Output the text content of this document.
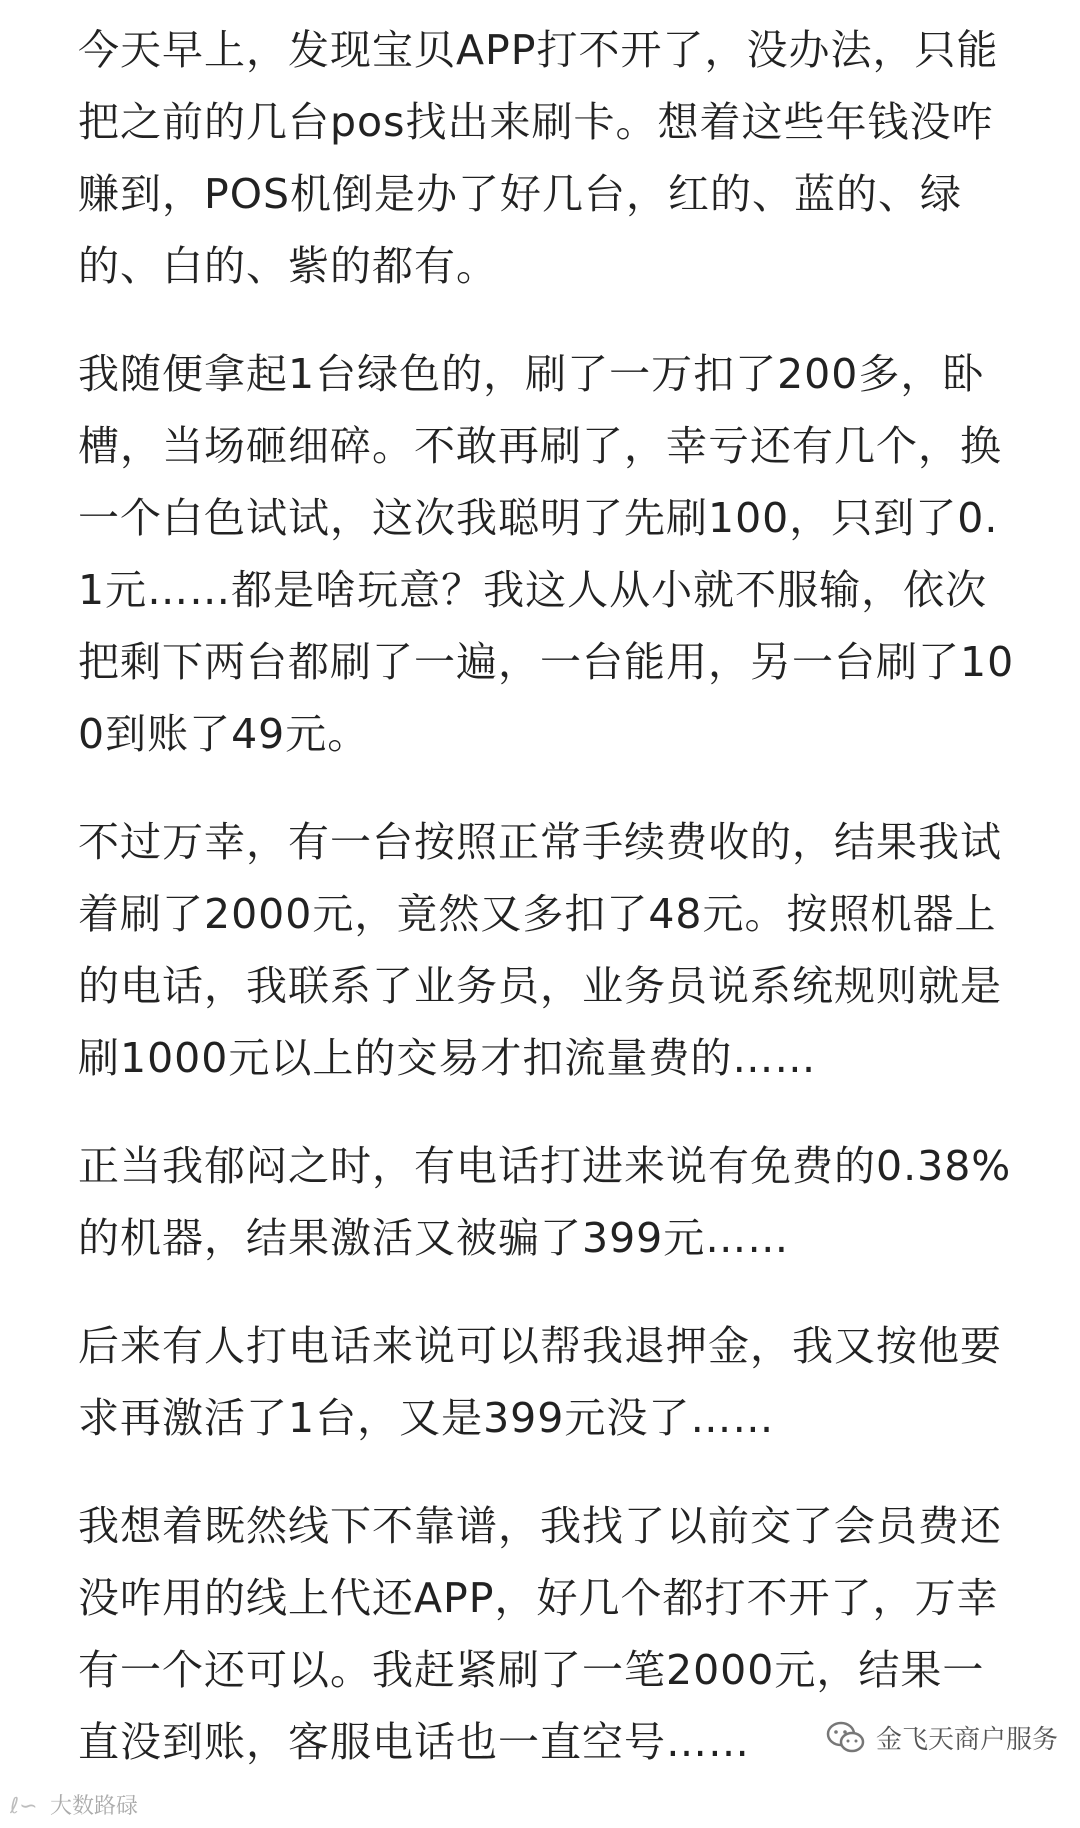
今天早上，发现宝贝APP打不开了，没办法，只能把之前的几台pos找出来刷卡。想着这些年钱没咋赚到，POS机倒是办了好几台，红的、蓝的、绿的、白的、紫的都有。

我随便拿起1台绿色的，刷了一万扣了200多，卧槽，当场砸细碎。不敢再刷了，幸亏还有几个，换一个白色试试，这次我聪明了先刷100，只到了0.1元……都是啥玩意？我这人从小就不服输，依次把剩下两台都刷了一遍，一台能用，另一台刷了100到账了49元。

不过万幸，有一台按照正常手续费收的，结果我试着刷了2000元，竟然又多扣了48元。按照机器上的电话，我联系了业务员，业务员说系统规则就是刷1000元以上的交易才扣流量费的……

正当我郁闷之时，有电话打进来说有免费的0.38%的机器，结果激活又被骗了399元……

后来有人打电话来说可以帮我退押金，我又按他要求再激活了1台，又是399元没了……

我想着既然线下不靠谱，我找了以前交了会员费还没咋用的线上代还APP，好几个都打不开了，万幸有一个还可以。我赶紧刷了一笔2000元，结果一直没到账，客服电话也一直空号……	金飞天商户服务
ℓ∽ 大数路碌
